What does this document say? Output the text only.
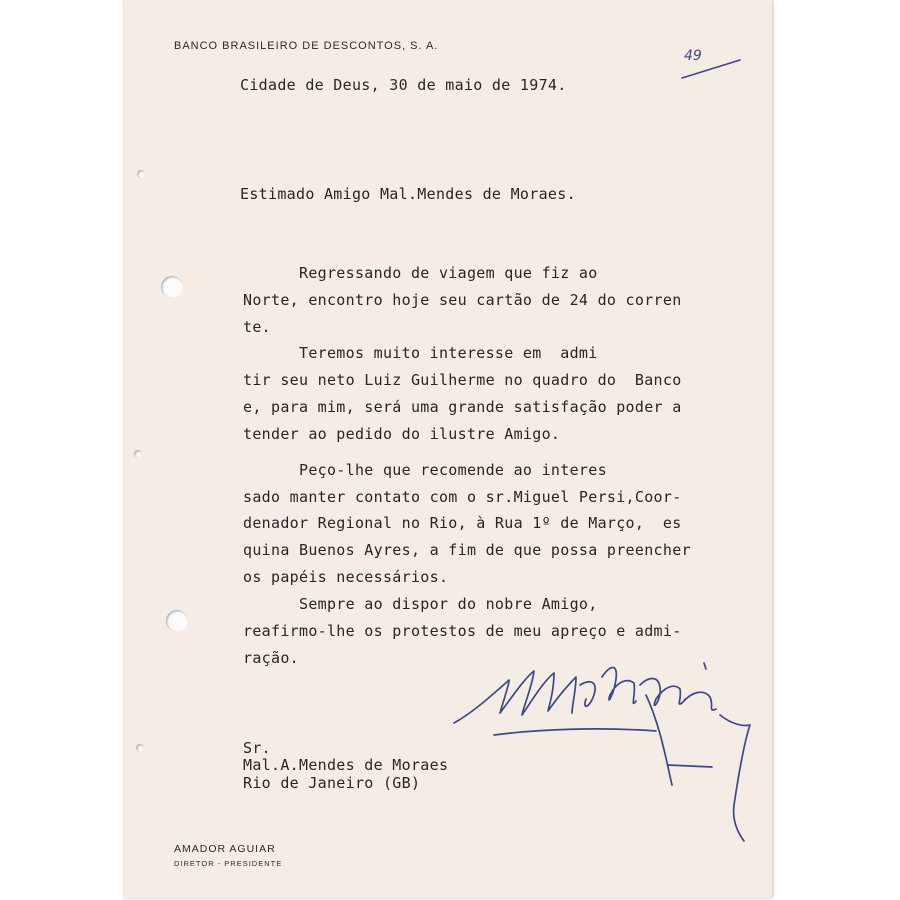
BANCO BRASILEIRO DE DESCONTOS, S. A.
49
Cidade de Deus, 30 de maio de 1974.
Estimado Amigo Mal.Mendes de Moraes.
Regressando de viagem que fiz ao
Norte, encontro hoje seu cartão de 24 do corren
te.
Teremos muito interesse em  admi
tir seu neto Luiz Guilherme no quadro do  Banco
e, para mim, será uma grande satisfação poder a
tender ao pedido do ilustre Amigo.
Peço-lhe que recomende ao interes
sado manter contato com o sr.Miguel Persi,Coor-
denador Regional no Rio, à Rua 1º de Março,  es
quina Buenos Ayres, a fim de que possa preencher
os papéis necessários.
Sempre ao dispor do nobre Amigo,
reafirmo-lhe os protestos de meu apreço e admi-
ração.
Sr.
Mal.A.Mendes de Moraes
Rio de Janeiro (GB)
AMADOR AGUIAR
DIRETOR - PRESIDENTE
